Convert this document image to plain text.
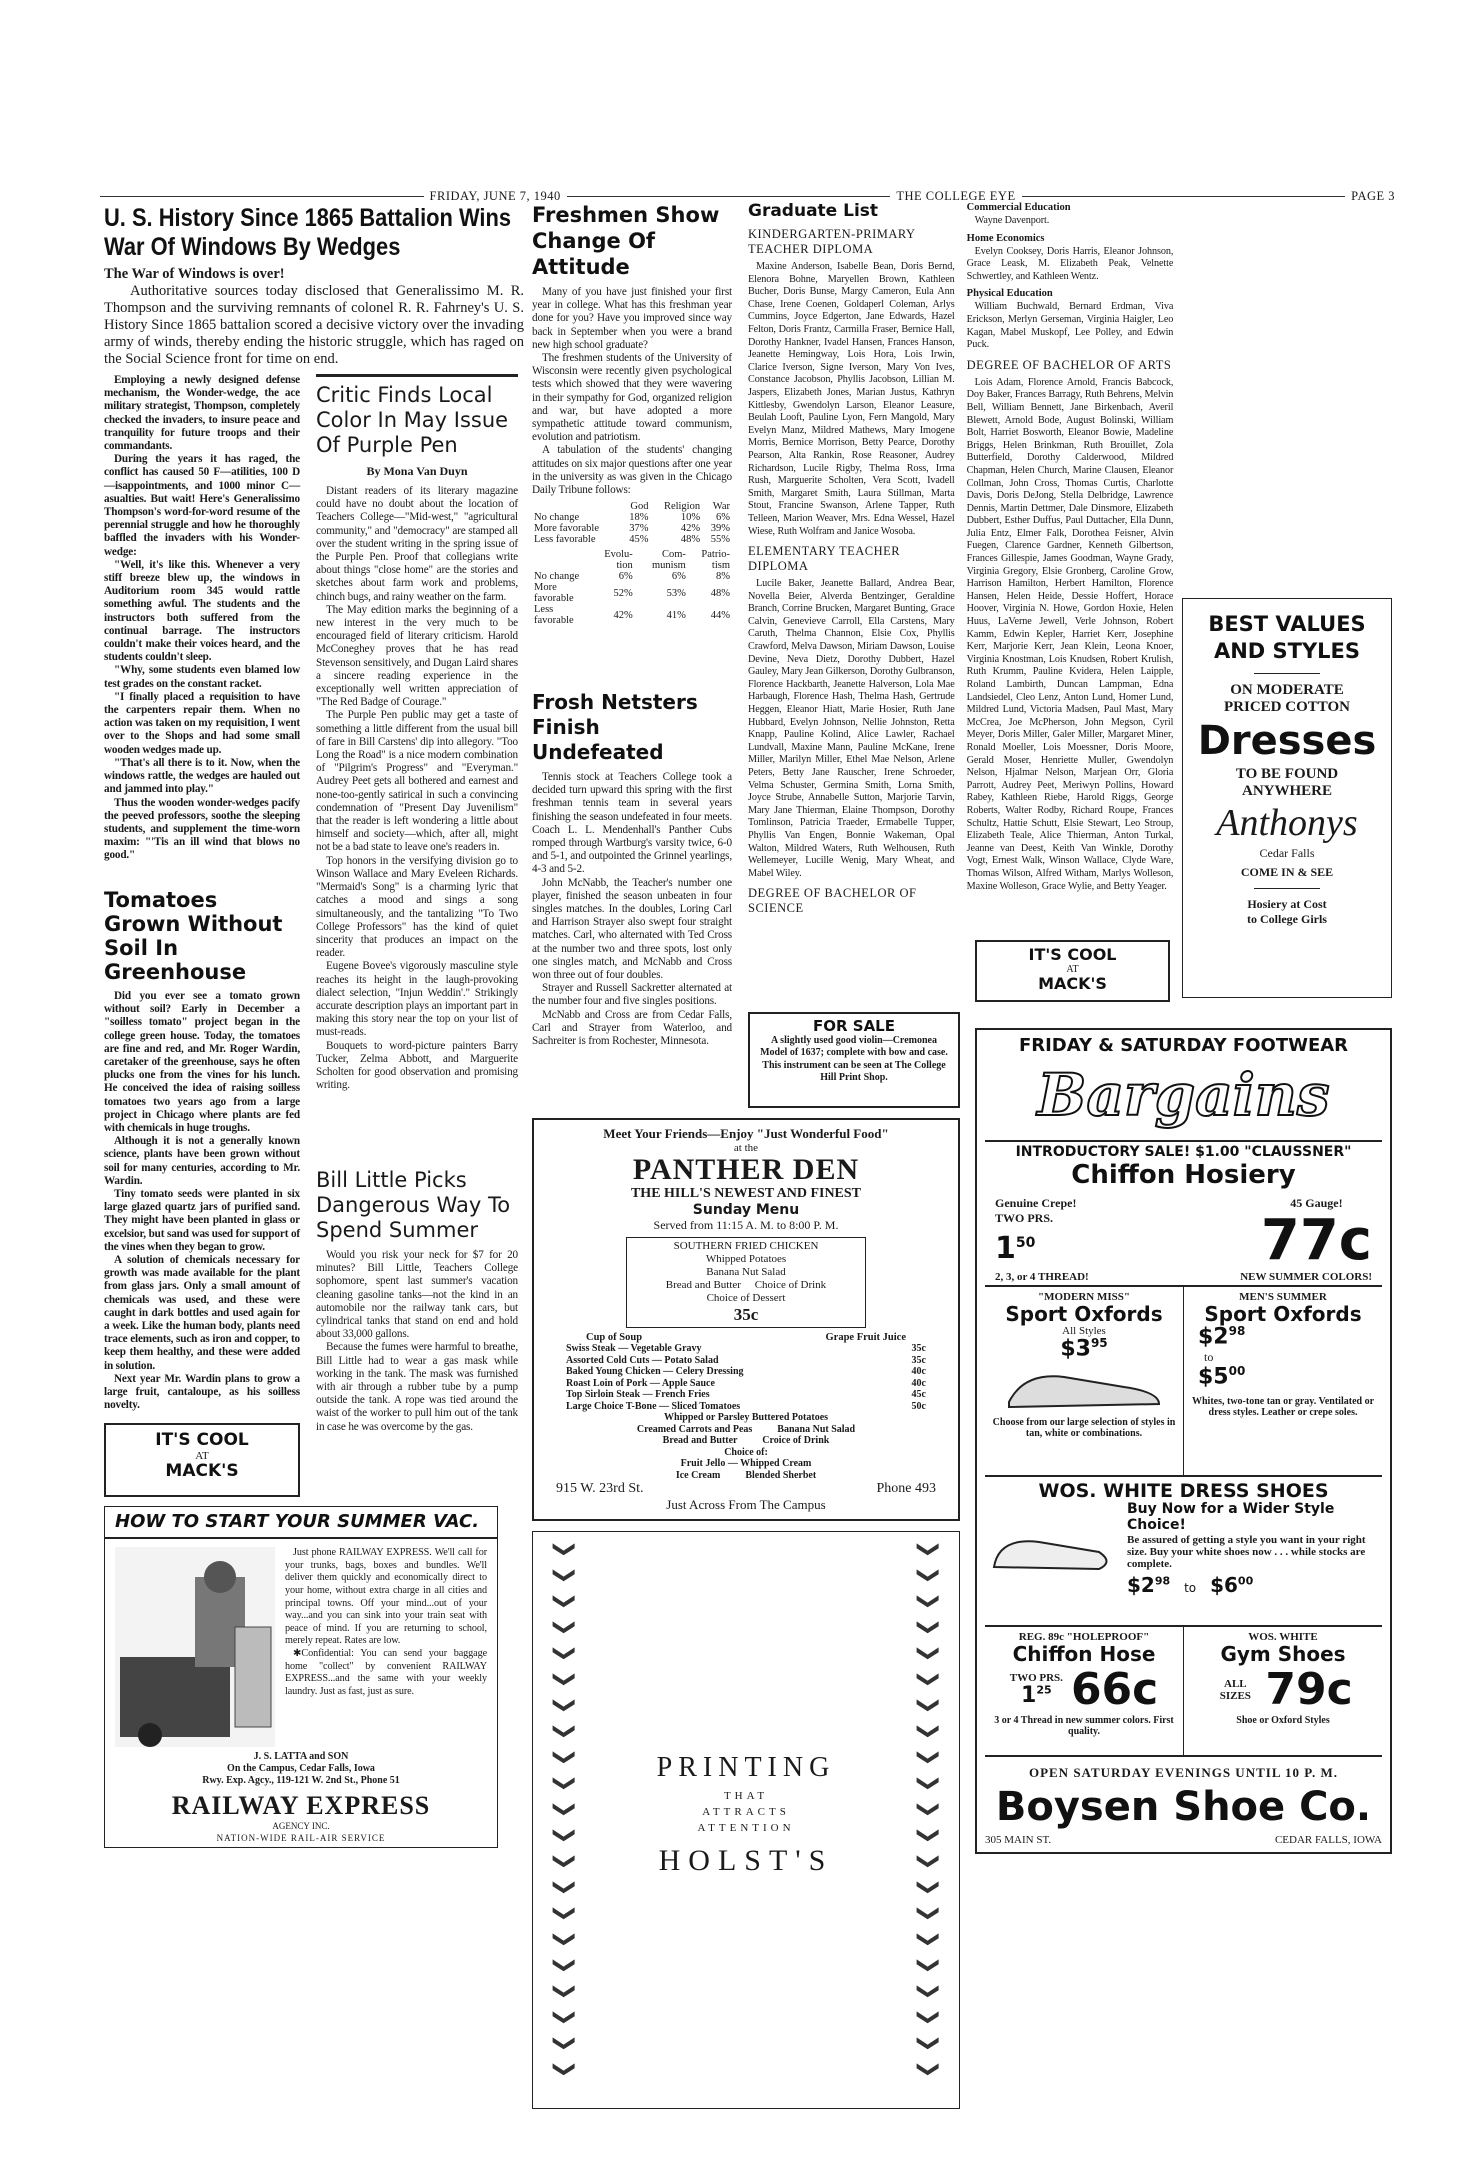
FRIDAY, JUNE 7, 1940	THE COLLEGE EYE	PAGE 3
U. S. History Since 1865 Battalion Wins War Of Windows By Wedges

The War of Windows is over!

Authoritative sources today disclosed that Generalissimo M. R. Thompson and the surviving remnants of colonel R. R. Fahrney's U. S. History Since 1865 battalion scored a decisive victory over the invading army of winds, thereby ending the historic struggle, which has raged on the Social Science front for time on end.

Employing a newly designed defense mechanism, the Wonder-wedge, the ace military strategist, Thompson, completely checked the invaders, to insure peace and tranquility for future troops and their commandants.

During the years it has raged, the conflict has caused 50 F—atilities, 100 D—isappointments, and 1000 minor C—asualties. But wait! Here's Generalissimo Thompson's word-for-word resume of the perennial struggle and how he thoroughly baffled the invaders with his Wonder-wedge:

"Well, it's like this. Whenever a very stiff breeze blew up, the windows in Auditorium room 345 would rattle something awful. The students and the instructors both suffered from the continual barrage. The instructors couldn't make their voices heard, and the students couldn't sleep.

"Why, some students even blamed low test grades on the constant racket.

"I finally placed a requisition to have the carpenters repair them. When no action was taken on my requisition, I went over to the Shops and had some small wooden wedges made up.

"That's all there is to it. Now, when the windows rattle, the wedges are hauled out and jammed into play."

Thus the wooden wonder-wedges pacify the peeved professors, soothe the sleeping students, and supplement the time-worn maxim: "'Tis an ill wind that blows no good."

Tomatoes Grown Without Soil In Greenhouse

Did you ever see a tomato grown without soil? Early in December a "soilless tomato" project began in the college green house. Today, the tomatoes are fine and red, and Mr. Roger Wardin, caretaker of the greenhouse, says he often plucks one from the vines for his lunch. He conceived the idea of raising soilless tomatoes two years ago from a large project in Chicago where plants are fed with chemicals in huge troughs.

Although it is not a generally known science, plants have been grown without soil for many centuries, according to Mr. Wardin.

Tiny tomato seeds were planted in six large glazed quartz jars of purified sand. They might have been planted in glass or excelsior, but sand was used for support of the vines when they began to grow.

A solution of chemicals necessary for growth was made available for the plant from glass jars. Only a small amount of chemicals was used, and these were caught in dark bottles and used again for a week. Like the human body, plants need trace elements, such as iron and copper, to keep them healthy, and these were added in solution.

Next year Mr. Wardin plans to grow a large fruit, cantaloupe, as his soilless novelty.

IT'S COOL
AT
MACK'S
HOW TO START YOUR SUMMER VAC.

Just phone RAILWAY EXPRESS. We'll call for your trunks, bags, boxes and bundles. We'll deliver them quickly and economically direct to your home, without extra charge in all cities and principal towns. Off your mind...out of your way...and you can sink into your train seat with peace of mind. If you are returning to school, merely repeat. Rates are low.

✱Confidential: You can send your baggage home "collect" by convenient RAILWAY EXPRESS...and the same with your weekly laundry. Just as fast, just as sure.

J. S. LATTA and SON
On the Campus, Cedar Falls, Iowa
Rwy. Exp. Agcy., 119-121 W. 2nd St., Phone 51
RAILWAY EXPRESS
AGENCY INC.
NATION-WIDE RAIL-AIR SERVICE
Critic Finds Local Color In May Issue Of Purple Pen
By Mona Van Duyn

Distant readers of its literary magazine could have no doubt about the location of Teachers College—"Mid-west," "agricultural community," and "democracy" are stamped all over the student writing in the spring issue of the Purple Pen. Proof that collegians write about things "close home" are the stories and sketches about farm work and problems, chinch bugs, and rainy weather on the farm.

The May edition marks the beginning of a new interest in the very much to be encouraged field of literary criticism. Harold McConeghey proves that he has read Stevenson sensitively, and Dugan Laird shares a sincere reading experience in the exceptionally well written appreciation of "The Red Badge of Courage."

The Purple Pen public may get a taste of something a little different from the usual bill of fare in Bill Carstens' dip into allegory. "Too Long the Road" is a nice modern combination of "Pilgrim's Progress" and "Everyman." Audrey Peet gets all bothered and earnest and none-too-gently satirical in such a convincing condemnation of "Present Day Juvenilism" that the reader is left wondering a little about himself and society—which, after all, might not be a bad state to leave one's readers in.

Top honors in the versifying division go to Winson Wallace and Mary Eveleen Richards. "Mermaid's Song" is a charming lyric that catches a mood and sings a song simultaneously, and the tantalizing "To Two College Professors" has the kind of quiet sincerity that produces an impact on the reader.

Eugene Bovee's vigorously masculine style reaches its height in the laugh-provoking dialect selection, "Injun Weddin'." Strikingly accurate description plays an important part in making this story near the top on your list of must-reads.

Bouquets to word-picture painters Barry Tucker, Zelma Abbott, and Marguerite Scholten for good observation and promising writing.

Bill Little Picks Dangerous Way To Spend Summer

Would you risk your neck for $7 for 20 minutes? Bill Little, Teachers College sophomore, spent last summer's vacation cleaning gasoline tanks—not the kind in an automobile nor the railway tank cars, but cylindrical tanks that stand on end and hold about 33,000 gallons.

Because the fumes were harmful to breathe, Bill Little had to wear a gas mask while working in the tank. The mask was furnished with air through a rubber tube by a pump outside the tank. A rope was tied around the waist of the worker to pull him out of the tank in case he was overcome by the gas.

Freshmen Show Change Of Attitude

Many of you have just finished your first year in college. What has this freshman year done for you? Have you improved since way back in September when you were a brand new high school graduate?

The freshmen students of the University of Wisconsin were recently given psychological tests which showed that they were wavering in their sympathy for God, organized religion and war, but have adopted a more sympathetic attitude toward communism, evolution and patriotism.

A tabulation of the students' changing attitudes on six major questions after one year in the university as was given in the Chicago Daily Tribune follows:

	God	Religion	War
No change	18%	10%	6%
More favorable	37%	42%	39%
Less favorable	45%	48%	55%
	Evolu-tion	Com-munism	Patrio-tism
No change	6%	6%	8%
More favorable	52%	53%	48%
Less favorable	42%	41%	44%
Frosh Netsters Finish Undefeated

Tennis stock at Teachers College took a decided turn upward this spring with the first freshman tennis team in several years finishing the season undefeated in four meets. Coach L. L. Mendenhall's Panther Cubs romped through Wartburg's varsity twice, 6-0 and 5-1, and outpointed the Grinnel yearlings, 4-3 and 5-2.

John McNabb, the Teacher's number one player, finished the season unbeaten in four singles matches. In the doubles, Loring Carl and Harrison Strayer also swept four straight matches. Carl, who alternated with Ted Cross at the number two and three spots, lost only one singles match, and McNabb and Cross won three out of four doubles.

Strayer and Russell Sackretter alternated at the number four and five singles positions.

McNabb and Cross are from Cedar Falls, Carl and Strayer from Waterloo, and Sachreiter is from Rochester, Minnesota.

FOR SALE
A slightly used good violin—Cremonea Model of 1637; complete with bow and case. This instrument can be seen at The College Hill Print Shop.
Meet Your Friends—Enjoy "Just Wonderful Food"
at the
PANTHER DEN
THE HILL'S NEWEST AND FINEST
Sunday Menu
Served from 11:15 A. M. to 8:00 P. M.
SOUTHERN FRIED CHICKEN
Whipped Potatoes
Banana Nut Salad
Bread and Butter     Choice of Drink
Choice of Dessert
35c
Cup of Soup	Grape Fruit Juice
Swiss Steak — Vegetable Gravy	35c
Assorted Cold Cuts — Potato Salad	35c
Baked Young Chicken — Celery Dressing	40c
Roast Loin of Pork — Apple Sauce	40c
Top Sirloin Steak — French Fries	45c
Large Choice T-Bone — Sliced Tomatoes	50c
Whipped or Parsley Buttered Potatoes
Creamed Carrots and Peas          Banana Nut Salad
Bread and Butter          Croice of Drink
Choice of:
Fruit Jello — Whipped Cream
Ice Cream          Blended Sherbet
915 W. 23rd St.	Phone 493
Just Across From The Campus
❯
❯
❯
❯
❯
❯
❯
❯
❯
❯
❯
❯
❯
❯
❯
❯
❯
❯
❯
❯
❯
❯
❯
❯
❯
❯
❯
❯
❯
❯
❯
❯
❯
❯
❯
❯
❯
❯
❯
❯
❯
❯
PRINTING
THAT
ATTRACTS
ATTENTION
HOLST'S
Graduate List
KINDERGARTEN-PRIMARY TEACHER DIPLOMA

Maxine Anderson, Isabelle Bean, Doris Bernd, Elenora Bohne, Maryellen Brown, Kathleen Bucher, Doris Bunse, Margy Cameron, Eula Ann Chase, Irene Coenen, Goldaperl Coleman, Arlys Cummins, Joyce Edgerton, Jane Edwards, Hazel Felton, Doris Frantz, Carmilla Fraser, Bernice Hall, Dorothy Hankner, Ivadel Hansen, Frances Hanson, Jeanette Hemingway, Lois Hora, Lois Irwin, Clarice Iverson, Signe Iverson, Mary Von Ives, Constance Jacobson, Phyllis Jacobson, Lillian M. Jaspers, Elizabeth Jones, Marian Justus, Kathryn Kittlesby, Gwendolyn Larson, Eleanor Leasure, Beulah Looft, Pauline Lyon, Fern Mangold, Mary Evelyn Manz, Mildred Mathews, Mary Imogene Morris, Bernice Morrison, Betty Pearce, Dorothy Pearson, Alta Rankin, Rose Reasoner, Audrey Richardson, Lucile Rigby, Thelma Ross, Irma Rush, Marguerite Scholten, Vera Scott, Ivadell Smith, Margaret Smith, Laura Stillman, Marta Stout, Francine Swanson, Arlene Tapper, Ruth Telleen, Marion Weaver, Mrs. Edna Wessel, Hazel Wiese, Ruth Wolfram and Janice Wosoba.

ELEMENTARY TEACHER DIPLOMA

Lucile Baker, Jeanette Ballard, Andrea Bear, Novella Beier, Alverda Bentzinger, Geraldine Branch, Corrine Brucken, Margaret Bunting, Grace Calvin, Genevieve Carroll, Ella Carstens, Mary Caruth, Thelma Channon, Elsie Cox, Phyllis Crawford, Melva Dawson, Miriam Dawson, Louise Devine, Neva Dietz, Dorothy Dubbert, Hazel Gauley, Mary Jean Gilkerson, Dorothy Gulbranson, Florence Hackbarth, Jeanette Halverson, Lola Mae Harbaugh, Florence Hash, Thelma Hash, Gertrude Heggen, Eleanor Hiatt, Marie Hosier, Ruth Jane Hubbard, Evelyn Johnson, Nellie Johnston, Retta Knapp, Pauline Kolind, Alice Lawler, Rachael Lundvall, Maxine Mann, Pauline McKane, Irene Miller, Marilyn Miller, Ethel Mae Nelson, Arlene Peters, Betty Jane Rauscher, Irene Schroeder, Velma Schuster, Germina Smith, Lorna Smith, Joyce Strube, Annabelle Sutton, Marjorie Tarvin, Mary Jane Thierman, Elaine Thompson, Dorothy Tomlinson, Patricia Traeder, Ermabelle Tupper, Phyllis Van Engen, Bonnie Wakeman, Opal Walton, Mildred Waters, Ruth Welhousen, Ruth Wellemeyer, Lucille Wenig, Mary Wheat, and Mabel Wiley.

DEGREE OF BACHELOR OF SCIENCE
Commercial Education

Wayne Davenport.

Home Economics

Evelyn Cooksey, Doris Harris, Eleanor Johnson, Grace Leask, M. Elizabeth Peak, Velnette Schwertley, and Kathleen Wentz.

Physical Education

William Buchwald, Bernard Erdman, Viva Erickson, Merlyn Gerseman, Virginia Haigler, Leo Kagan, Mabel Muskopf, Lee Polley, and Edwin Puck.

DEGREE OF BACHELOR OF ARTS

Lois Adam, Florence Arnold, Francis Babcock, Doy Baker, Frances Barragy, Ruth Behrens, Melvin Bell, William Bennett, Jane Birkenbach, Averil Blewett, Arnold Bode, August Bolinski, William Bolt, Harriet Bosworth, Eleanor Bowie, Madeline Briggs, Helen Brinkman, Ruth Brouillet, Zola Butterfield, Dorothy Calderwood, Mildred Chapman, Helen Church, Marine Clausen, Eleanor Collman, John Cross, Thomas Curtis, Charlotte Davis, Doris DeJong, Stella Delbridge, Lawrence Dennis, Martin Dettmer, Dale Dinsmore, Elizabeth Dubbert, Esther Duffus, Paul Duttacher, Ella Dunn, Julia Entz, Elmer Falk, Dorothea Feisner, Alvin Fuegen, Clarence Gardner, Kenneth Gilbertson, Frances Gillespie, James Goodman, Wayne Grady, Virginia Gregory, Elsie Gronberg, Caroline Grow, Harrison Hamilton, Herbert Hamilton, Florence Hansen, Helen Heide, Dessie Hoffert, Horace Hoover, Virginia N. Howe, Gordon Hoxie, Helen Huus, LaVerne Jewell, Verle Johnson, Robert Kamm, Edwin Kepler, Harriet Kerr, Josephine Kerr, Marjorie Kerr, Jean Klein, Leona Knoer, Virginia Knostman, Lois Knudsen, Robert Krulish, Ruth Krumm, Pauline Kvidera, Helen Laipple, Roland Lambirth, Duncan Lampman, Edna Landsiedel, Cleo Lenz, Anton Lund, Homer Lund, Mildred Lund, Victoria Madsen, Paul Mast, Mary McCrea, Joe McPherson, John Megson, Cyril Meyer, Doris Miller, Galer Miller, Margaret Miner, Ronald Moeller, Lois Moessner, Doris Moore, Gerald Moser, Henriette Muller, Gwendolyn Nelson, Hjalmar Nelson, Marjean Orr, Gloria Parrott, Audrey Peet, Meriwyn Pollins, Howard Rabey, Kathleen Riebe, Harold Riggs, George Roberts, Walter Rodby, Richard Roupe, Frances Schultz, Hattie Schutt, Elsie Stewart, Leo Stroup, Elizabeth Teale, Alice Thierman, Anton Turkal, Jeanne van Deest, Keith Van Winkle, Dorothy Vogt, Ernest Walk, Winson Wallace, Clyde Ware, Thomas Wilson, Alfred Witham, Marlys Wolleson, Maxine Wolleson, Grace Wylie, and Betty Yeager.

BEST VALUES
AND STYLES
ON MODERATE
PRICED COTTON
Dresses
TO BE FOUND
ANYWHERE
Anthonys
Cedar Falls
COME IN & SEE
Hosiery at Cost
to College Girls
IT'S COOL
AT
MACK'S
FRIDAY & SATURDAY FOOTWEAR
Bargains
INTRODUCTORY SALE! $1.00 "CLAUSSNER"
Chiffon Hosiery
Genuine Crepe!
TWO PRS.
$1^{50}$
45 Gauge!
77c
2, 3, or 4 THREAD!	NEW SUMMER COLORS!
"MODERN MISS"
Sport Oxfords
All Styles
$\$3^{95}$
Choose from our large selection of styles in tan, white or combinations.
MEN'S SUMMER
Sport Oxfords
$\$2^{98}$
to
$\$5^{00}$
Whites, two-tone tan or gray. Ventilated or dress styles. Leather or crepe soles.
WOS. WHITE DRESS SHOES
Buy Now for a Wider Style Choice!
Be assured of getting a style you want in your right size. Buy your white shoes now . . . while stocks are complete.
$\$2^{98}$  to $\$6^{00}$
REG. 89c "HOLEPROOF"
Chiffon Hose
TWO PRS.
$1^{25}$ 66c
3 or 4 Thread in new summer colors. First quality.
WOS. WHITE
Gym Shoes
ALL SIZES 79c
Shoe or Oxford Styles
OPEN SATURDAY EVENINGS UNTIL 10 P. M.
Boysen Shoe Co.
305 MAIN ST.	CEDAR FALLS, IOWA
